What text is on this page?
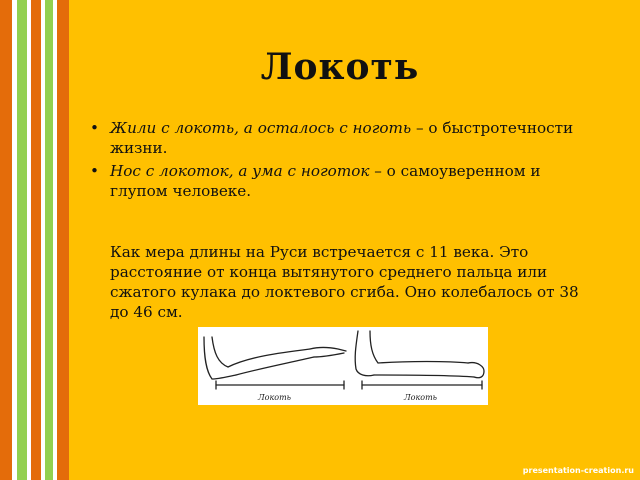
Локоть
• Жили с локоть, а осталось с ноготь – о быстротечности жизни.
• Нос с локоток, а ума с ноготок – о самоуверенном и глупом человеке.

Как мера длины на Руси встречается с 11 века. Это расстояние от конца вытянутого среднего пальца или сжатого кулака до локтевого сгиба. Оно колебалось от 38 до 46 см.

Локоть	Локоть
presentation-creation.ru
